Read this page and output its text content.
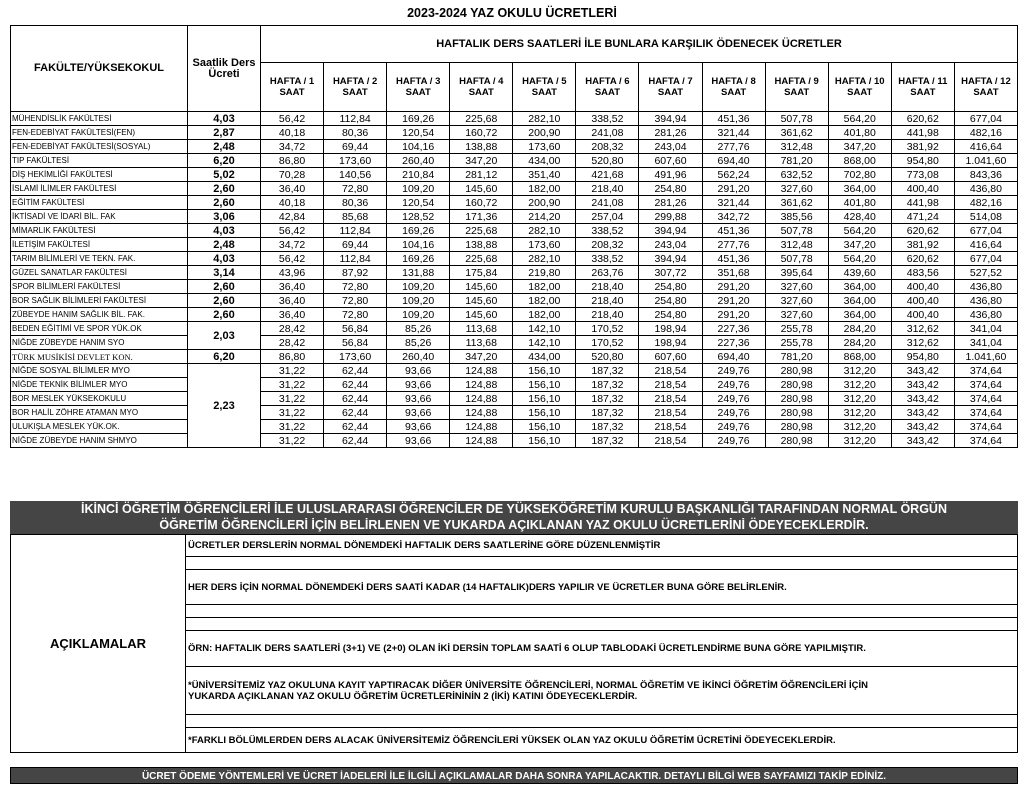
2023-2024 YAZ OKULU ÜCRETLERİ
FAKÜLTE/YÜKSEKOKUL	Saatlik Ders Ücreti	HAFTALIK DERS SAATLERİ İLE BUNLARA KARŞILIK ÖDENECEK ÜCRETLER											
		HAFTA / 1 SAAT	HAFTA / 2 SAAT	HAFTA / 3 SAAT	HAFTA / 4 SAAT	HAFTA / 5 SAAT	HAFTA / 6 SAAT	HAFTA / 7 SAAT	HAFTA / 8 SAAT	HAFTA / 9 SAAT	HAFTA / 10 SAAT	HAFTA / 11 SAAT	HAFTA / 12 SAAT
MÜHENDİSLİK FAKÜLTESİ	4,03	56,42	112,84	169,26	225,68	282,10	338,52	394,94	451,36	507,78	564,20	620,62	677,04
FEN-EDEBİYAT FAKÜLTESİ(FEN)	2,87	40,18	80,36	120,54	160,72	200,90	241,08	281,26	321,44	361,62	401,80	441,98	482,16
FEN-EDEBİYAT FAKÜLTESİ(SOSYAL)	2,48	34,72	69,44	104,16	138,88	173,60	208,32	243,04	277,76	312,48	347,20	381,92	416,64
TIP FAKÜLTESİ	6,20	86,80	173,60	260,40	347,20	434,00	520,80	607,60	694,40	781,20	868,00	954,80	1.041,60
DİŞ HEKİMLİĞİ FAKÜLTESİ	5,02	70,28	140,56	210,84	281,12	351,40	421,68	491,96	562,24	632,52	702,80	773,08	843,36
İSLAMİ İLİMLER FAKÜLTESİ	2,60	36,40	72,80	109,20	145,60	182,00	218,40	254,80	291,20	327,60	364,00	400,40	436,80
EĞİTİM FAKÜLTESİ	2,60	40,18	80,36	120,54	160,72	200,90	241,08	281,26	321,44	361,62	401,80	441,98	482,16
İKTİSADİ VE İDARİ BİL. FAK	3,06	42,84	85,68	128,52	171,36	214,20	257,04	299,88	342,72	385,56	428,40	471,24	514,08
MİMARLIK FAKÜLTESİ	4,03	56,42	112,84	169,26	225,68	282,10	338,52	394,94	451,36	507,78	564,20	620,62	677,04
İLETİŞİM FAKÜLTESİ	2,48	34,72	69,44	104,16	138,88	173,60	208,32	243,04	277,76	312,48	347,20	381,92	416,64
TARIM BİLİMLERİ VE TEKN. FAK.	4,03	56,42	112,84	169,26	225,68	282,10	338,52	394,94	451,36	507,78	564,20	620,62	677,04
GÜZEL SANATLAR FAKÜLTESİ	3,14	43,96	87,92	131,88	175,84	219,80	263,76	307,72	351,68	395,64	439,60	483,56	527,52
SPOR BİLİMLERİ FAKÜLTESİ	2,60	36,40	72,80	109,20	145,60	182,00	218,40	254,80	291,20	327,60	364,00	400,40	436,80
BOR SAĞLIK BİLİMLERİ FAKÜLTESİ	2,60	36,40	72,80	109,20	145,60	182,00	218,40	254,80	291,20	327,60	364,00	400,40	436,80
ZÜBEYDE HANIM SAĞLIK BİL. FAK.	2,60	36,40	72,80	109,20	145,60	182,00	218,40	254,80	291,20	327,60	364,00	400,40	436,80
BEDEN EĞİTİMİ VE SPOR YÜK.OK	2,03	28,42	56,84	85,26	113,68	142,10	170,52	198,94	227,36	255,78	284,20	312,62	341,04
NİĞDE ZÜBEYDE HANIM SYO		28,42	56,84	85,26	113,68	142,10	170,52	198,94	227,36	255,78	284,20	312,62	341,04
TÜRK MUSİKİSİ DEVLET KON.	6,20	86,80	173,60	260,40	347,20	434,00	520,80	607,60	694,40	781,20	868,00	954,80	1.041,60
NİĞDE SOSYAL BİLİMLER MYO	2,23	31,22	62,44	93,66	124,88	156,10	187,32	218,54	249,76	280,98	312,20	343,42	374,64
NİĞDE TEKNİK BİLİMLER MYO		31,22	62,44	93,66	124,88	156,10	187,32	218,54	249,76	280,98	312,20	343,42	374,64
BOR MESLEK YÜKSEKOKULU		31,22	62,44	93,66	124,88	156,10	187,32	218,54	249,76	280,98	312,20	343,42	374,64
BOR HALİL ZÖHRE ATAMAN MYO		31,22	62,44	93,66	124,88	156,10	187,32	218,54	249,76	280,98	312,20	343,42	374,64
ULUKIŞLA MESLEK YÜK.OK.		31,22	62,44	93,66	124,88	156,10	187,32	218,54	249,76	280,98	312,20	343,42	374,64
NİĞDE ZÜBEYDE HANIM SHMYO		31,22	62,44	93,66	124,88	156,10	187,32	218,54	249,76	280,98	312,20	343,42	374,64
İKİNCİ ÖĞRETİM ÖĞRENCİLERİ İLE ULUSLARARASI ÖĞRENCİLER DE YÜKSEKÖĞRETİM KURULU BAŞKANLIĞI TARAFINDAN NORMAL ÖRGÜN
ÖĞRETİM ÖĞRENCİLERİ İÇİN BELİRLENEN VE YUKARDA AÇIKLANAN YAZ OKULU ÜCRETLERİNİ ÖDEYECEKLERDİR.
AÇIKLAMALAR	ÜCRETLER DERSLERİN NORMAL DÖNEMDEKİ HAFTALIK DERS SAATLERİNE GÖRE DÜZENLENMİŞTİR

HER DERS İÇİN NORMAL DÖNEMDEKİ DERS SAATİ KADAR (14 HAFTALIK)DERS YAPILIR VE ÜCRETLER BUNA GÖRE BELİRLENİR.

ÖRN: HAFTALIK DERS SAATLERİ (3+1) VE (2+0) OLAN İKİ DERSİN TOPLAM SAATİ 6 OLUP TABLODAKİ ÜCRETLENDİRME BUNA GÖRE YAPILMIŞTIR.

*ÜNİVERSİTEMİZ YAZ OKULUNA KAYIT YAPTIRACAK DİĞER ÜNİVERSİTE ÖĞRENCİLERİ, NORMAL ÖĞRETİM VE İKİNCİ ÖĞRETİM ÖĞRENCİLERİ İÇİN
YUKARDA AÇIKLANAN YAZ OKULU ÖĞRETİM ÜCRETLERİNİNİN 2 (İKİ) KATINI ÖDEYECEKLERDİR.

*FARKLI BÖLÜMLERDEN DERS ALACAK ÜNİVERSİTEMİZ ÖĞRENCİLERİ YÜKSEK OLAN YAZ OKULU ÖĞRETİM ÜCRETİNİ ÖDEYECEKLERDİR.
ÜCRET ÖDEME YÖNTEMLERİ VE ÜCRET İADELERİ İLE İLGİLİ AÇIKLAMALAR DAHA SONRA YAPILACAKTIR. DETAYLI BİLGİ WEB SAYFAMIZI TAKİP EDİNİZ.
